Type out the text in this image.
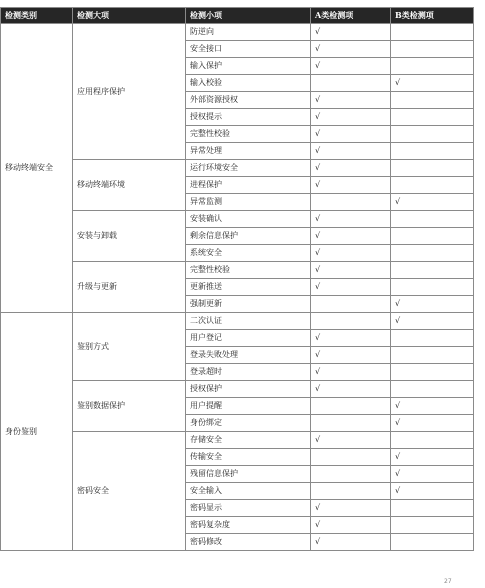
检测类别	检测大项	检测小项	A类检测项	B类检测项
移动终端安全	应用程序保护	防逆向	√	
		安全接口	√	
		输入保护	√	
		输入校验		√
		外部资源授权	√	
		授权提示	√	
		完整性校验	√	
		异常处理	√	
	移动终端环境	运行环境安全	√	
		进程保护	√	
		异常监测		√
	安装与卸载	安装确认	√	
		剩余信息保护	√	
		系统安全	√	
	升级与更新	完整性校验	√	
		更新推送	√	
		强制更新		√
身份鉴别	鉴别方式	二次认证		√
		用户登记	√	
		登录失败处理	√	
		登录超时	√	
	鉴别数据保护	授权保护	√	
		用户提醒		√
		身份绑定		√
	密码安全	存储安全	√	
		传输安全		√
		残留信息保护		√
		安全输入		√
		密码显示	√	
		密码复杂度	√	
		密码修改	√	
27
